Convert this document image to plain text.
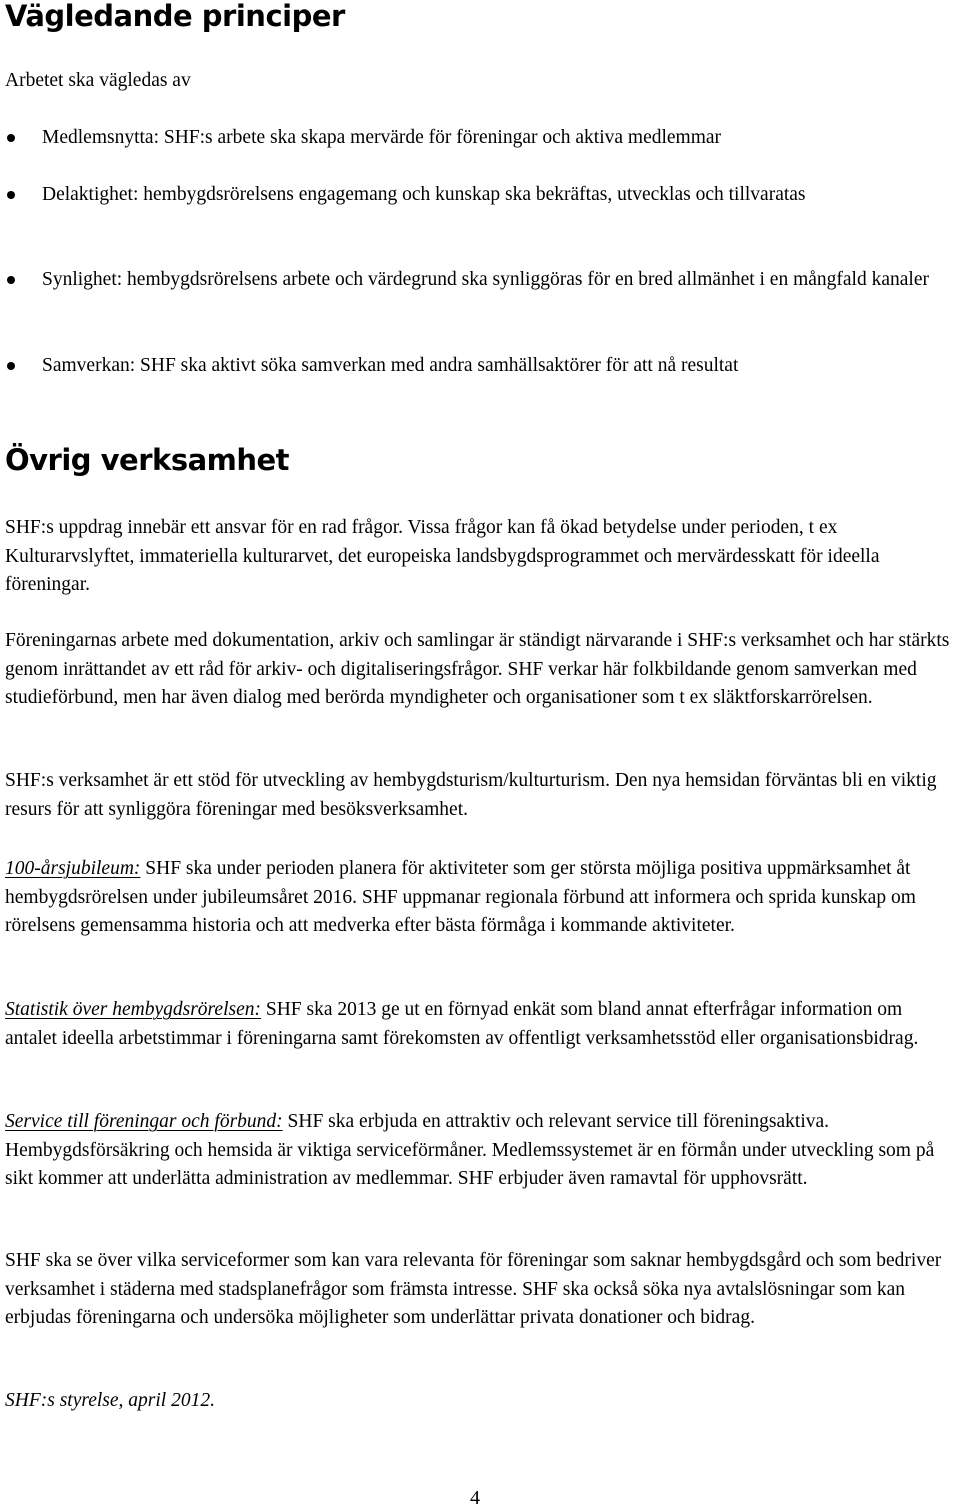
Vägledande principer

Arbetet ska vägledas av

Medlemsnytta: SHF:s arbete ska skapa mervärde för föreningar och aktiva medlemmar
Delaktighet: hembygdsrörelsens engagemang och kunskap ska bekräftas, utvecklas och tillvaratas
Synlighet: hembygdsrörelsens arbete och värdegrund ska synliggöras för en bred allmänhet i en mångfald kanaler
Samverkan: SHF ska aktivt söka samverkan med andra samhällsaktörer för att nå resultat
Övrig verksamhet

SHF:s uppdrag innebär ett ansvar för en rad frågor. Vissa frågor kan få ökad betydelse under perioden, t ex Kulturarvslyftet, immateriella kulturarvet, det europeiska landsbygdsprogrammet och mervärdesskatt för ideella föreningar.

Föreningarnas arbete med dokumentation, arkiv och samlingar är ständigt närvarande i SHF:s verksamhet och har stärkts genom inrättandet av ett råd för arkiv- och digitaliseringsfrågor. SHF verkar här folkbildande genom samverkan med studieförbund, men har även dialog med berörda myndigheter och organisationer som t ex släktforskarrörelsen.

SHF:s verksamhet är ett stöd för utveckling av hembygdsturism/kulturturism. Den nya hemsidan förväntas bli en viktig resurs för att synliggöra föreningar med besöksverksamhet.

100-årsjubileum: SHF ska under perioden planera för aktiviteter som ger största möjliga positiva uppmärksamhet åt hembygdsrörelsen under jubileumsåret 2016. SHF uppmanar regionala förbund att informera och sprida kunskap om rörelsens gemensamma historia och att medverka efter bästa förmåga i kommande aktiviteter.

Statistik över hembygdsrörelsen: SHF ska 2013 ge ut en förnyad enkät som bland annat efterfrågar information om antalet ideella arbetstimmar i föreningarna samt förekomsten av offentligt verksamhetsstöd eller organisationsbidrag.

Service till föreningar och förbund: SHF ska erbjuda en attraktiv och relevant service till föreningsaktiva. Hembygdsförsäkring och hemsida är viktiga serviceförmåner. Medlemssystemet är en förmån under utveckling som på sikt kommer att underlätta administration av medlemmar. SHF erbjuder även ramavtal för upphovsrätt.

SHF ska se över vilka serviceformer som kan vara relevanta för föreningar som saknar hembygdsgård och som bedriver verksamhet i städerna med stadsplanefrågor som främsta intresse. SHF ska också söka nya avtalslösningar som kan erbjudas föreningarna och undersöka möjligheter som underlättar privata donationer och bidrag.

SHF:s styrelse, april 2012.

4
